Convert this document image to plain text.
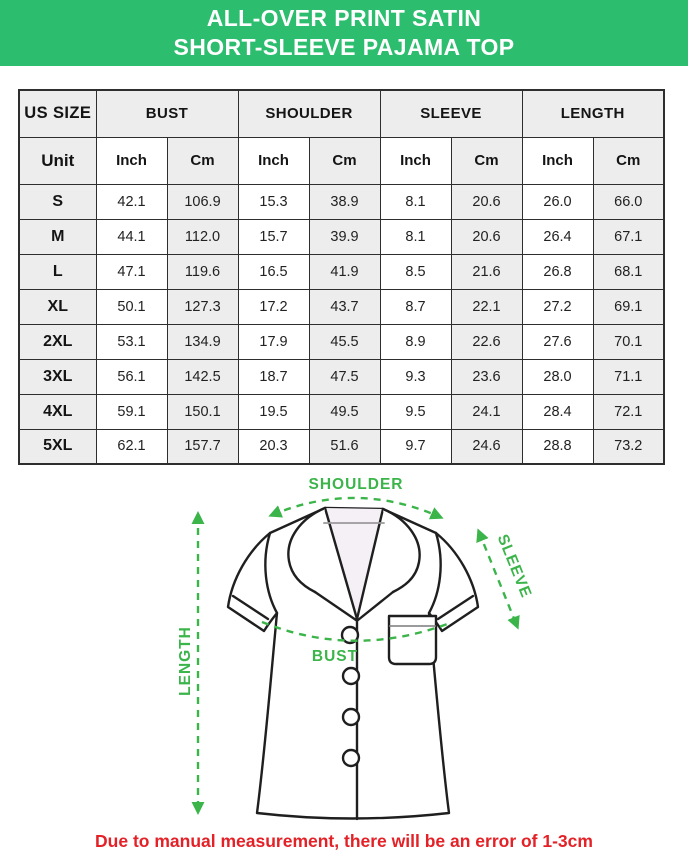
ALL-OVER PRINT SATIN
SHORT-SLEEVE PAJAMA TOP
US SIZE	BUST		SHOULDER		SLEEVE		LENGTH	
Unit	Inch	Cm	Inch	Cm	Inch	Cm	Inch	Cm
S	42.1	106.9	15.3	38.9	8.1	20.6	26.0	66.0
M	44.1	112.0	15.7	39.9	8.1	20.6	26.4	67.1
L	47.1	119.6	16.5	41.9	8.5	21.6	26.8	68.1
XL	50.1	127.3	17.2	43.7	8.7	22.1	27.2	69.1
2XL	53.1	134.9	17.9	45.5	8.9	22.6	27.6	70.1
3XL	56.1	142.5	18.7	47.5	9.3	23.6	28.0	71.1
4XL	59.1	150.1	19.5	49.5	9.5	24.1	28.4	72.1
5XL	62.1	157.7	20.3	51.6	9.7	24.6	28.8	73.2
SHOULDER
SLEEVE
LENGTH	BUST
Due to manual measurement, there will be an error of 1-3cm
